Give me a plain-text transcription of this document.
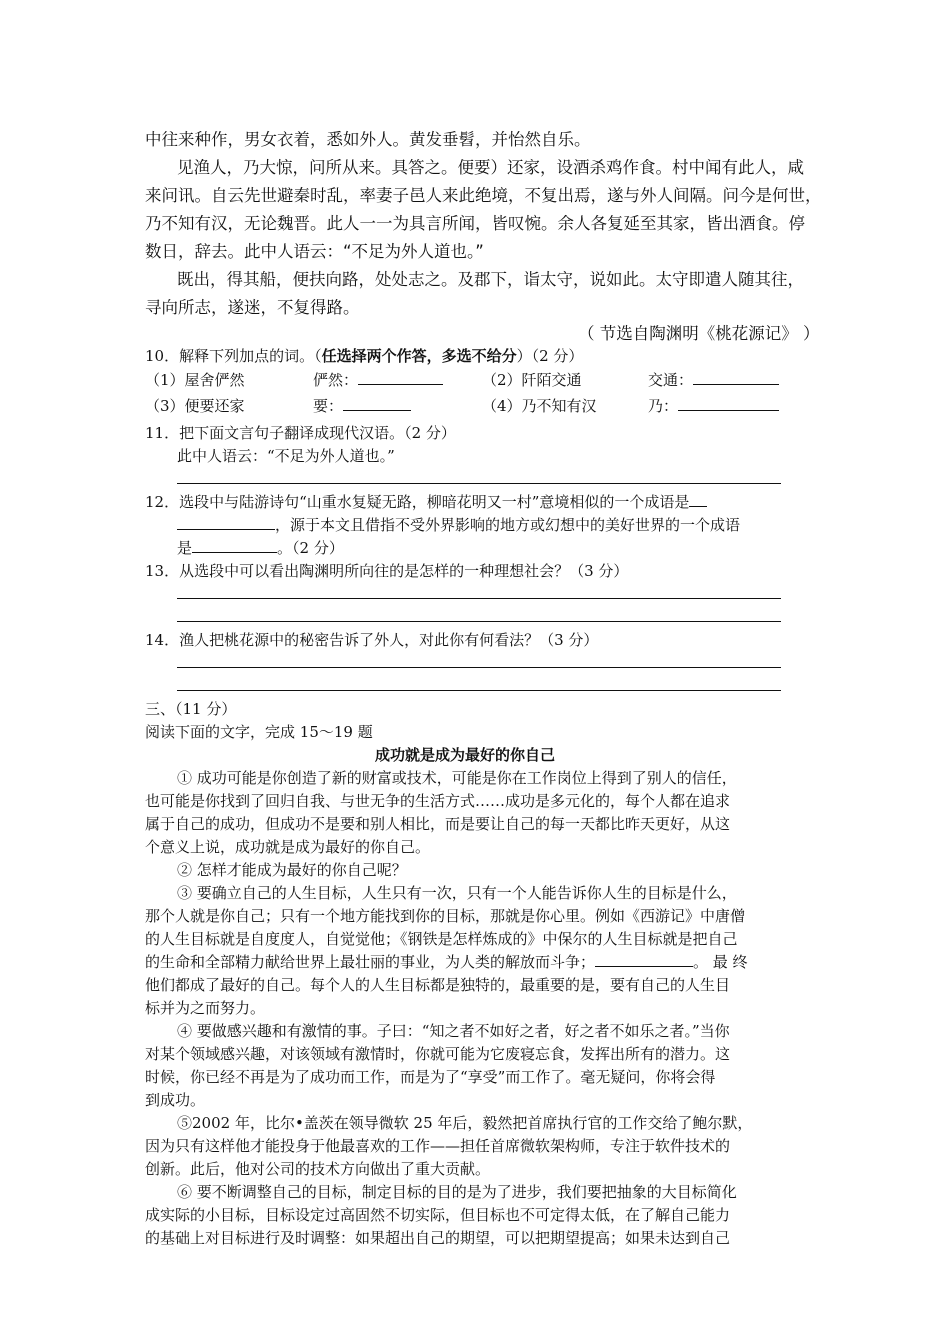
中往来种作，男女衣着，悉如外人。黄发垂髫，并怡然自乐。
见渔人，乃大惊，问所从来。具答之。便要）还家，设酒杀鸡作食。村中闻有此人，咸
来问讯。自云先世避秦时乱，率妻子邑人来此绝境，不复出焉，遂与外人间隔。问今是何世，
乃不知有汉，无论魏晋。此人一一为具言所闻，皆叹惋。余人各复延至其家，皆出酒食。停
数日，辞去。此中人语云：“不足为外人道也。”
既出，得其船，便扶向路，处处志之。及郡下，诣太守，说如此。太守即遣人随其往，
寻向所志，遂迷，不复得路。
（ 节选自陶渊明《桃花源记》 ）
10．解释下列加点的词。（任选择两个作答，多选不给分）（2 分）
（1）屋舍俨然	俨然：	（2）阡陌交通	交通：
（3）便要还家	要：	（4）乃不知有汉	乃：
11．把下面文言句子翻译成现代汉语。（2 分）
此中人语云：“不足为外人道也。”
12．选段中与陆游诗句“山重水复疑无路，柳暗花明又一村”意境相似的一个成语是
，源于本文且借指不受外界影响的地方或幻想中的美好世界的一个成语
是	。（2 分）
13．从选段中可以看出陶渊明所向往的是怎样的一种理想社会？（3 分）
14．渔人把桃花源中的秘密告诉了外人，对此你有何看法？（3 分）
三、（11 分）
阅读下面的文字，完成 15～19 题
成功就是成为最好的你自己
① 成功可能是你创造了新的财富或技术，可能是你在工作岗位上得到了别人的信任，
也可能是你找到了回归自我、与世无争的生活方式……成功是多元化的，每个人都在追求
属于自己的成功，但成功不是要和别人相比，而是要让自己的每一天都比昨天更好，从这
个意义上说，成功就是成为最好的你自己。
② 怎样才能成为最好的你自己呢？
③ 要确立自己的人生目标，人生只有一次，只有一个人能告诉你人生的目标是什么，
那个人就是你自己；只有一个地方能找到你的目标，那就是你心里。例如《西游记》中唐僧
的人生目标就是自度度人，自觉觉他；《钢铁是怎样炼成的》中保尔的人生目标就是把自己
的生命和全部精力献给世界上最壮丽的事业，为人类的解放而斗争；	。 最 终
他们都成了最好的自己。每个人的人生目标都是独特的，最重要的是，要有自己的人生目
标并为之而努力。
④ 要做感兴趣和有激情的事。子曰：“知之者不如好之者，好之者不如乐之者。”当你
对某个领域感兴趣，对该领域有激情时，你就可能为它废寝忘食，发挥出所有的潜力。这
时候，你已经不再是为了成功而工作，而是为了“享受”而工作了。毫无疑问，你将会得
到成功。
⑤2002 年，比尔•盖茨在领导微软 25 年后，毅然把首席执行官的工作交给了鲍尔默，
因为只有这样他才能投身于他最喜欢的工作——担任首席微软架构师，专注于软件技术的
创新。此后，他对公司的技术方向做出了重大贡献。
⑥ 要不断调整自己的目标，制定目标的目的是为了进步，我们要把抽象的大目标简化
成实际的小目标，目标设定过高固然不切实际，但目标也不可定得太低，在了解自己能力
的基础上对目标进行及时调整：如果超出自己的期望，可以把期望提高；如果未达到自己
